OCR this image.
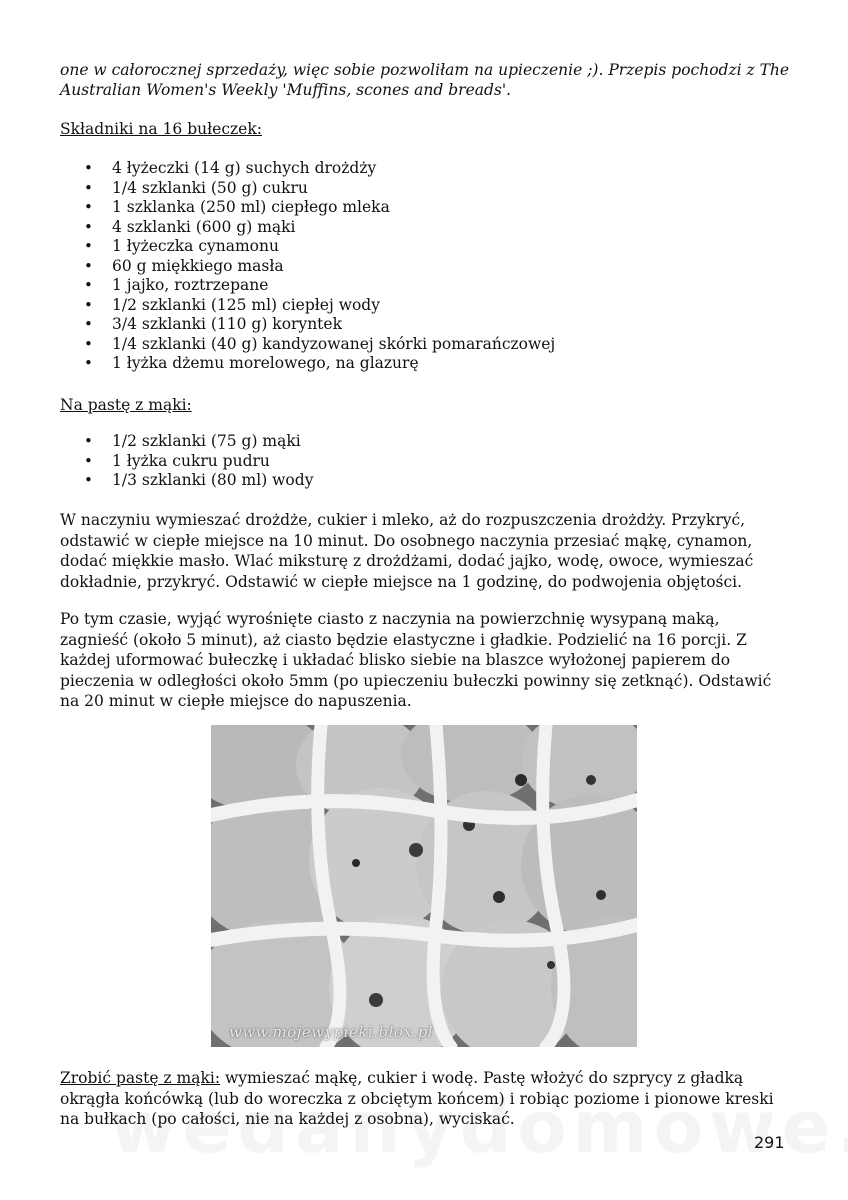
one w całorocznej sprzedaży, więc sobie pozwoliłam na upieczenie ;). Przepis pochodzi z The Australian Women's Weekly 'Muffins, scones and breads'.

Składniki na 16 bułeczek:

• 4 łyżeczki (14 g) suchych drożdży
• 1/4 szklanki (50 g) cukru
• 1 szklanka (250 ml) ciepłego mleka
• 4 szklanki (600 g) mąki
• 1 łyżeczka cynamonu
• 60 g miękkiego masła
• 1 jajko, roztrzepane
• 1/2 szklanki (125 ml) ciepłej wody
• 3/4 szklanki (110 g) koryntek
• 1/4 szklanki (40 g) kandyzowanej skórki pomarańczowej
• 1 łyżka dżemu morelowego, na glazurę

Na pastę z mąki:

• 1/2 szklanki (75 g) mąki
• 1 łyżka cukru pudru
• 1/3 szklanki (80 ml) wody

W naczyniu wymieszać drożdże, cukier i mleko, aż do rozpuszczenia drożdży. Przykryć, odstawić w ciepłe miejsce na 10 minut. Do osobnego naczynia przesiać mąkę, cynamon, dodać miękkie masło. Wlać miksturę z drożdżami, dodać jajko, wodę, owoce, wymieszać dokładnie, przykryć. Odstawić w ciepłe miejsce na 1 godzinę, do podwojenia objętości.

Po tym czasie, wyjąć wyrośnięte ciasto z naczynia na powierzchnię wysypaną maką, zagnieść (około 5 minut), aż ciasto będzie elastyczne i gładkie. Podzielić na 16 porcji. Z każdej uformować bułeczkę i układać blisko siebie na blaszce wyłożonej papierem do pieczenia w odległości około 5mm (po upieczeniu bułeczki powinny się zetknąć). Odstawić na 20 minut w ciepłe miejsce do napuszenia.

www.mojewypieki.blox.pl

Zrobić pastę z mąki: wymieszać mąkę, cukier i wodę. Pastę włożyć do szprycy z gładką okrągła końcówką (lub do woreczka z obciętym końcem) i robiąc poziome i pionowe kreski na bułkach (po całości, nie na każdej z osobna), wyciskać.

291
